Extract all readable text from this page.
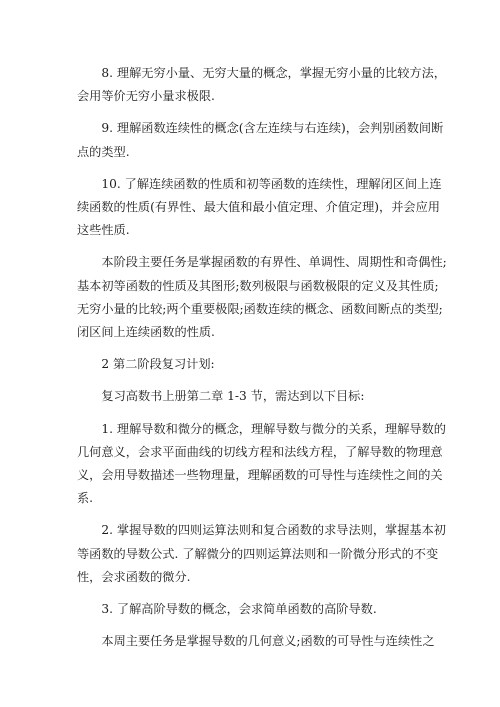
8. 理解无穷小量、无穷大量的概念，掌握无穷小量的比较方法，
会用等价无穷小量求极限.

9. 理解函数连续性的概念(含左连续与右连续)，会判别函数间断
点的类型.

10. 了解连续函数的性质和初等函数的连续性，理解闭区间上连
续函数的性质(有界性、最大值和最小值定理、介值定理)，并会应用
这些性质.

本阶段主要任务是掌握函数的有界性、单调性、周期性和奇偶性;
基本初等函数的性质及其图形;数列极限与函数极限的定义及其性质;
无穷小量的比较;两个重要极限;函数连续的概念、函数间断点的类型;
闭区间上连续函数的性质.

2 第二阶段复习计划:

复习高数书上册第二章 1-3 节，需达到以下目标:

1. 理解导数和微分的概念，理解导数与微分的关系，理解导数的
几何意义，会求平面曲线的切线方程和法线方程，了解导数的物理意
义，会用导数描述一些物理量，理解函数的可导性与连续性之间的关
系.

2. 掌握导数的四则运算法则和复合函数的求导法则，掌握基本初
等函数的导数公式. 了解微分的四则运算法则和一阶微分形式的不变
性，会求函数的微分.

3. 了解高阶导数的概念，会求简单函数的高阶导数.

本周主要任务是掌握导数的几何意义;函数的可导性与连续性之
